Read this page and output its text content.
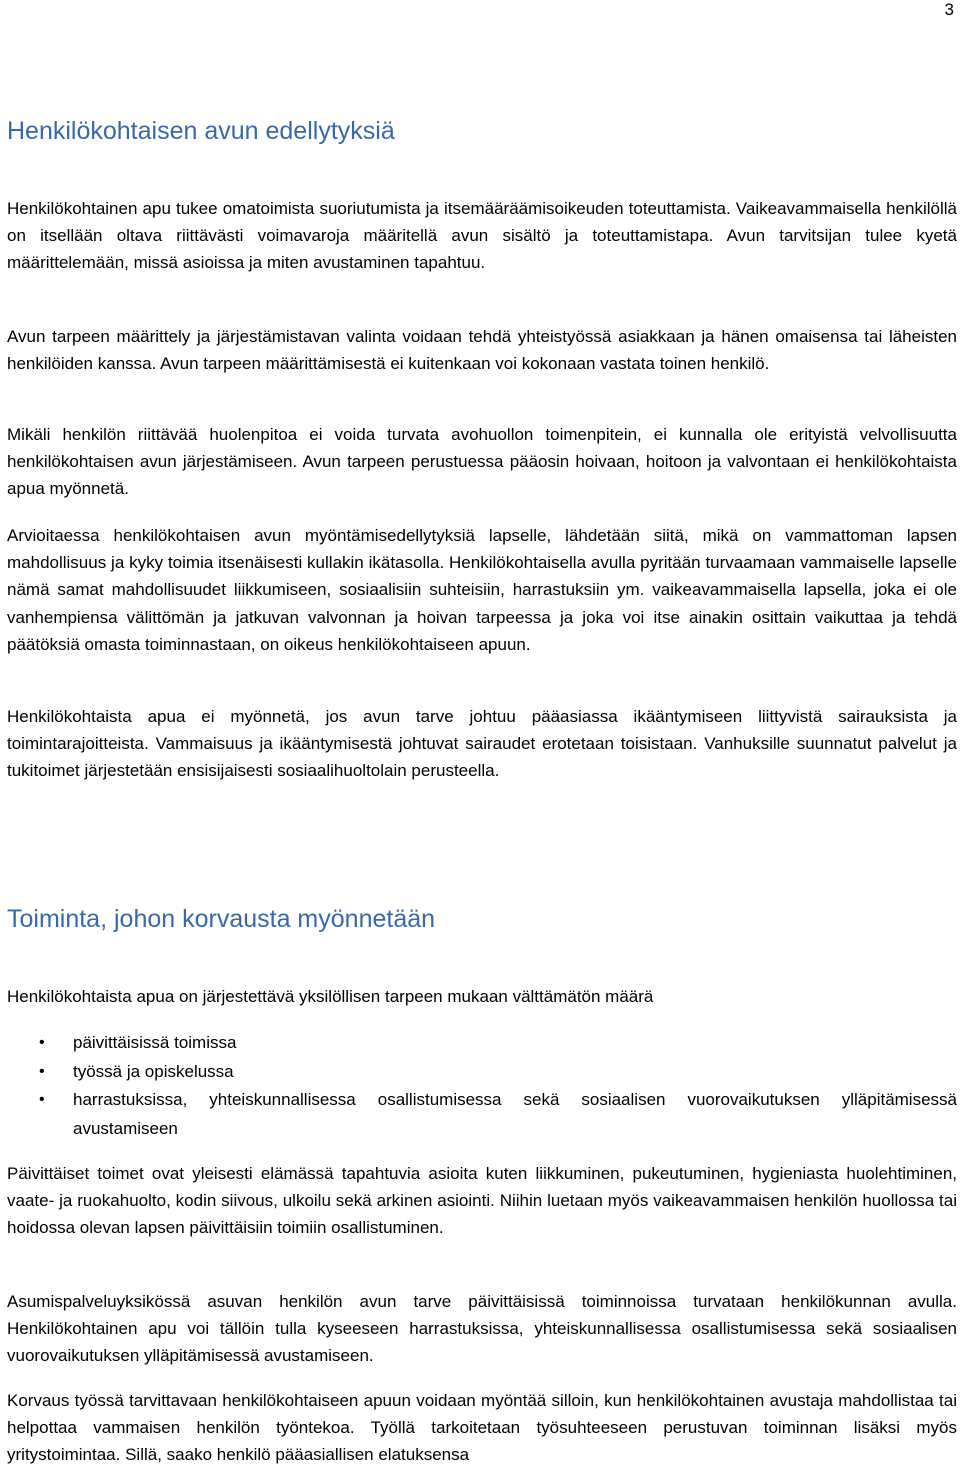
3
Henkilökohtaisen avun edellytyksiä

Henkilökohtainen apu tukee omatoimista suoriutumista ja itsemääräämisoikeuden toteuttamista. Vaikeavammaisella henkilöllä on itsellään oltava riittävästi voimavaroja määritellä avun sisältö ja toteuttamistapa. Avun tarvitsijan tulee kyetä määrittelemään, missä asioissa ja miten avustaminen tapahtuu.

Avun tarpeen määrittely ja järjestämistavan valinta voidaan tehdä yhteistyössä asiakkaan ja hänen omaisensa tai läheisten henkilöiden kanssa. Avun tarpeen määrittämisestä ei kuitenkaan voi kokonaan vastata toinen henkilö.

Mikäli henkilön riittävää huolenpitoa ei voida turvata avohuollon toimenpitein, ei kunnalla ole erityistä velvollisuutta henkilökohtaisen avun järjestämiseen. Avun tarpeen perustuessa pääosin hoivaan, hoitoon ja valvontaan ei henkilökohtaista apua myönnetä.

Arvioitaessa henkilökohtaisen avun myöntämisedellytyksiä lapselle, lähdetään siitä, mikä on vammattoman lapsen mahdollisuus ja kyky toimia itsenäisesti kullakin ikätasolla. Henkilökohtaisella avulla pyritään turvaamaan vammaiselle lapselle nämä samat mahdollisuudet liikkumiseen, sosiaalisiin suhteisiin, harrastuksiin ym. vaikeavammaisella lapsella, joka ei ole vanhempiensa välittömän ja jatkuvan valvonnan ja hoivan tarpeessa ja joka voi itse ainakin osittain vaikuttaa ja tehdä päätöksiä omasta toiminnastaan, on oikeus henkilökohtaiseen apuun.

Henkilökohtaista apua ei myönnetä, jos avun tarve johtuu pääasiassa ikääntymiseen liittyvistä sairauksista ja toimintarajoitteista. Vammaisuus ja ikääntymisestä johtuvat sairaudet erotetaan toisistaan. Vanhuksille suunnatut palvelut ja tukitoimet järjestetään ensisijaisesti sosiaalihuoltolain perusteella.

Toiminta, johon korvausta myönnetään

Henkilökohtaista apua on järjestettävä yksilöllisen tarpeen mukaan välttämätön määrä

• päivittäisissä toimissa
• työssä ja opiskelussa
• harrastuksissa, yhteiskunnallisessa osallistumisessa sekä sosiaalisen vuorovaikutuksen ylläpitämisessä avustamiseen

Päivittäiset toimet ovat yleisesti elämässä tapahtuvia asioita kuten liikkuminen, pukeutuminen, hygieniasta huolehtiminen, vaate- ja ruokahuolto, kodin siivous, ulkoilu sekä arkinen asiointi. Niihin luetaan myös vaikeavammaisen henkilön huollossa tai hoidossa olevan lapsen päivittäisiin toimiin osallistuminen.

Asumispalveluyksikössä asuvan henkilön avun tarve päivittäisissä toiminnoissa turvataan henkilökunnan avulla. Henkilökohtainen apu voi tällöin tulla kyseeseen harrastuksissa, yhteiskunnallisessa osallistumisessa sekä sosiaalisen vuorovaikutuksen ylläpitämisessä avustamiseen.

Korvaus työssä tarvittavaan henkilökohtaiseen apuun voidaan myöntää silloin, kun henkilökohtainen avustaja mahdollistaa tai helpottaa vammaisen henkilön työntekoa. Työllä tarkoitetaan työsuhteeseen perustuvan toiminnan lisäksi myös yritystoimintaa. Sillä, saako henkilö pääasiallisen elatuksensa
